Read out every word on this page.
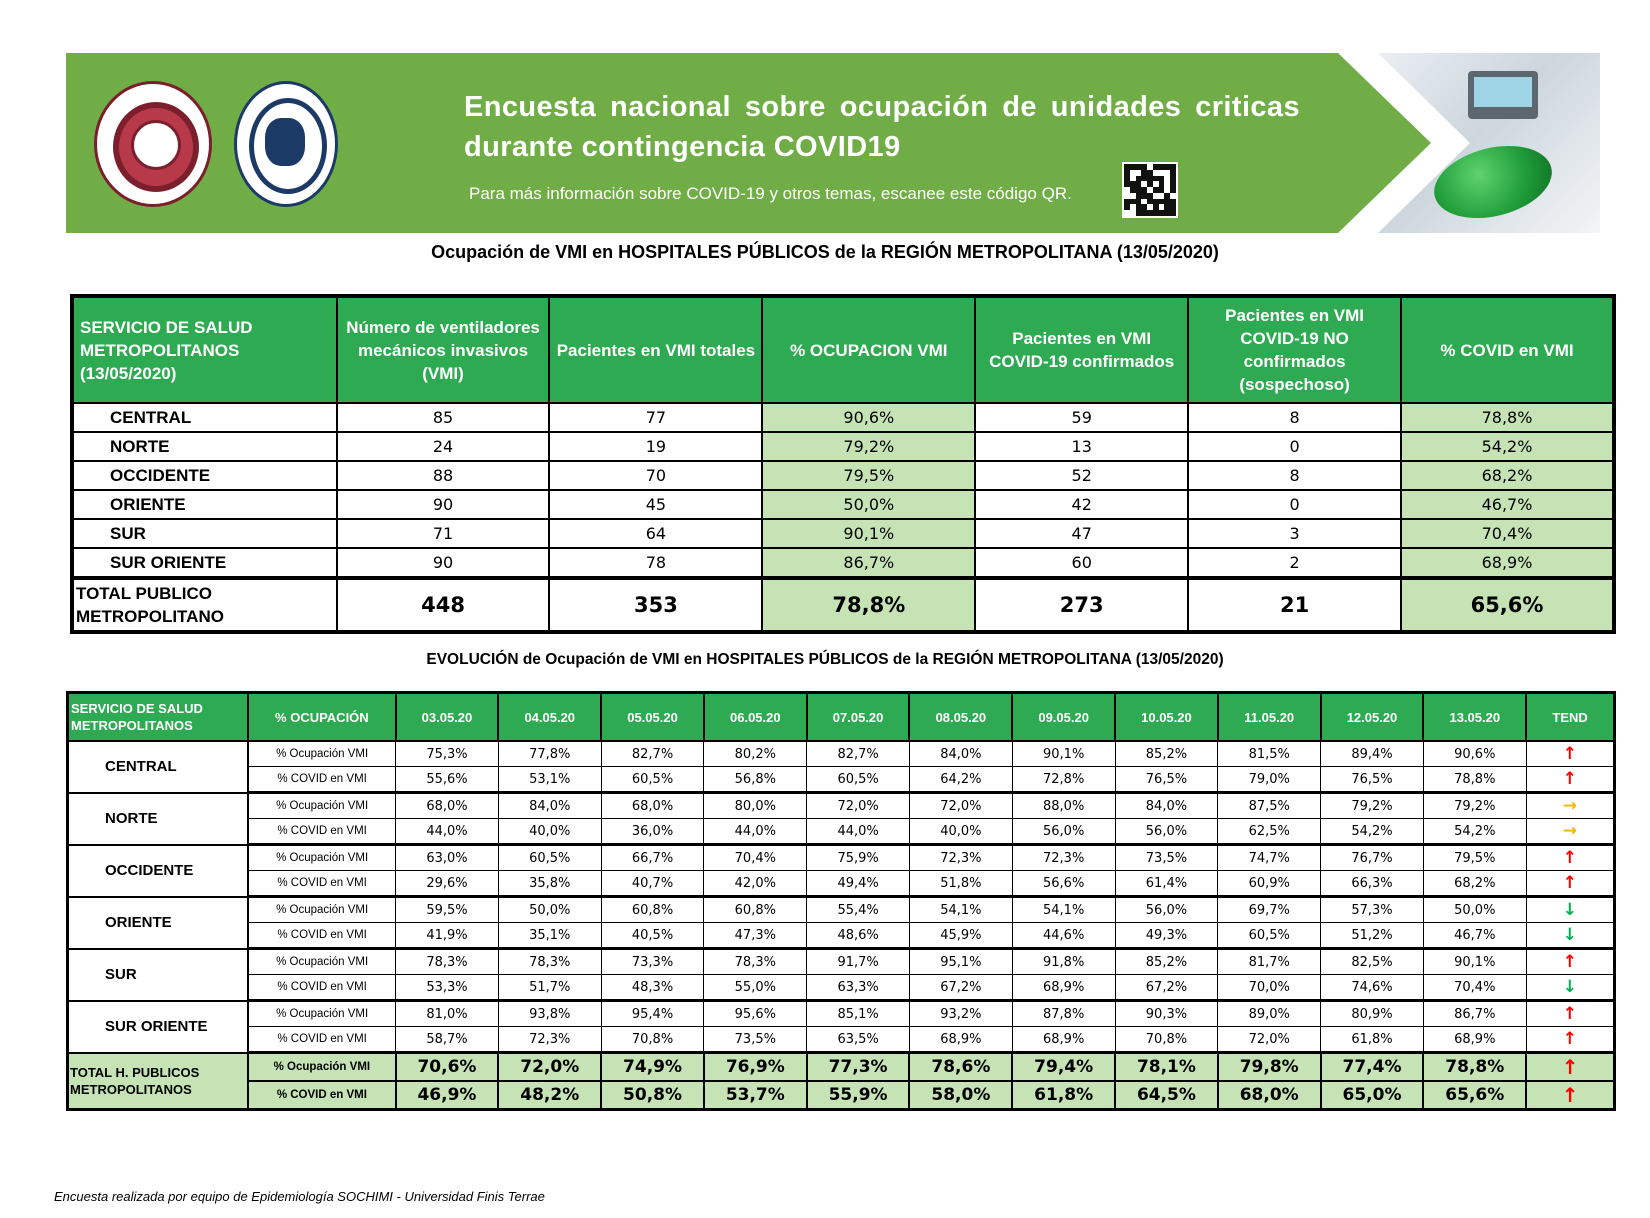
Encuesta nacional sobre ocupación de unidades criticas durante contingencia COVID19
Para más información sobre COVID-19 y otros temas, escanee este código QR.
Ocupación de VMI en HOSPITALES PÚBLICOS de la REGIÓN METROPOLITANA (13/05/2020)
SERVICIO DE SALUD METROPOLITANOS (13/05/2020)	Número de ventiladores mecánicos invasivos (VMI)	Pacientes en VMI totales	% OCUPACION VMI	Pacientes en VMI COVID-19 confirmados	Pacientes en VMI COVID-19 NO confirmados (sospechoso)	% COVID en VMI
CENTRAL	85	77	90,6%	59	8	78,8%
NORTE	24	19	79,2%	13	0	54,2%
OCCIDENTE	88	70	79,5%	52	8	68,2%
ORIENTE	90	45	50,0%	42	0	46,7%
SUR	71	64	90,1%	47	3	70,4%
SUR ORIENTE	90	78	86,7%	60	2	68,9%
TOTAL PUBLICO METROPOLITANO	448	353	78,8%	273	21	65,6%
EVOLUCIÓN de Ocupación de VMI en HOSPITALES PÚBLICOS de la REGIÓN METROPOLITANA (13/05/2020)
SERVICIO DE SALUD METROPOLITANOS	% OCUPACIÓN	03.05.20	04.05.20	05.05.20	06.05.20	07.05.20	08.05.20	09.05.20	10.05.20	11.05.20	12.05.20	13.05.20	TEND
CENTRAL	% Ocupación VMI	75,3%	77,8%	82,7%	80,2%	82,7%	84,0%	90,1%	85,2%	81,5%	89,4%	90,6%	↑
	% COVID en VMI	55,6%	53,1%	60,5%	56,8%	60,5%	64,2%	72,8%	76,5%	79,0%	76,5%	78,8%	↑
NORTE	% Ocupación VMI	68,0%	84,0%	68,0%	80,0%	72,0%	72,0%	88,0%	84,0%	87,5%	79,2%	79,2%	→
	% COVID en VMI	44,0%	40,0%	36,0%	44,0%	44,0%	40,0%	56,0%	56,0%	62,5%	54,2%	54,2%	→
OCCIDENTE	% Ocupación VMI	63,0%	60,5%	66,7%	70,4%	75,9%	72,3%	72,3%	73,5%	74,7%	76,7%	79,5%	↑
	% COVID en VMI	29,6%	35,8%	40,7%	42,0%	49,4%	51,8%	56,6%	61,4%	60,9%	66,3%	68,2%	↑
ORIENTE	% Ocupación VMI	59,5%	50,0%	60,8%	60,8%	55,4%	54,1%	54,1%	56,0%	69,7%	57,3%	50,0%	↓
	% COVID en VMI	41,9%	35,1%	40,5%	47,3%	48,6%	45,9%	44,6%	49,3%	60,5%	51,2%	46,7%	↓
SUR	% Ocupación VMI	78,3%	78,3%	73,3%	78,3%	91,7%	95,1%	91,8%	85,2%	81,7%	82,5%	90,1%	↑
	% COVID en VMI	53,3%	51,7%	48,3%	55,0%	63,3%	67,2%	68,9%	67,2%	70,0%	74,6%	70,4%	↓
SUR ORIENTE	% Ocupación VMI	81,0%	93,8%	95,4%	95,6%	85,1%	93,2%	87,8%	90,3%	89,0%	80,9%	86,7%	↑
	% COVID en VMI	58,7%	72,3%	70,8%	73,5%	63,5%	68,9%	68,9%	70,8%	72,0%	61,8%	68,9%	↑
TOTAL H. PUBLICOS METROPOLITANOS	% Ocupación VMI	70,6%	72,0%	74,9%	76,9%	77,3%	78,6%	79,4%	78,1%	79,8%	77,4%	78,8%	↑
	% COVID en VMI	46,9%	48,2%	50,8%	53,7%	55,9%	58,0%	61,8%	64,5%	68,0%	65,0%	65,6%	↑
Encuesta realizada por equipo de Epidemiología SOCHIMI - Universidad Finis Terrae
